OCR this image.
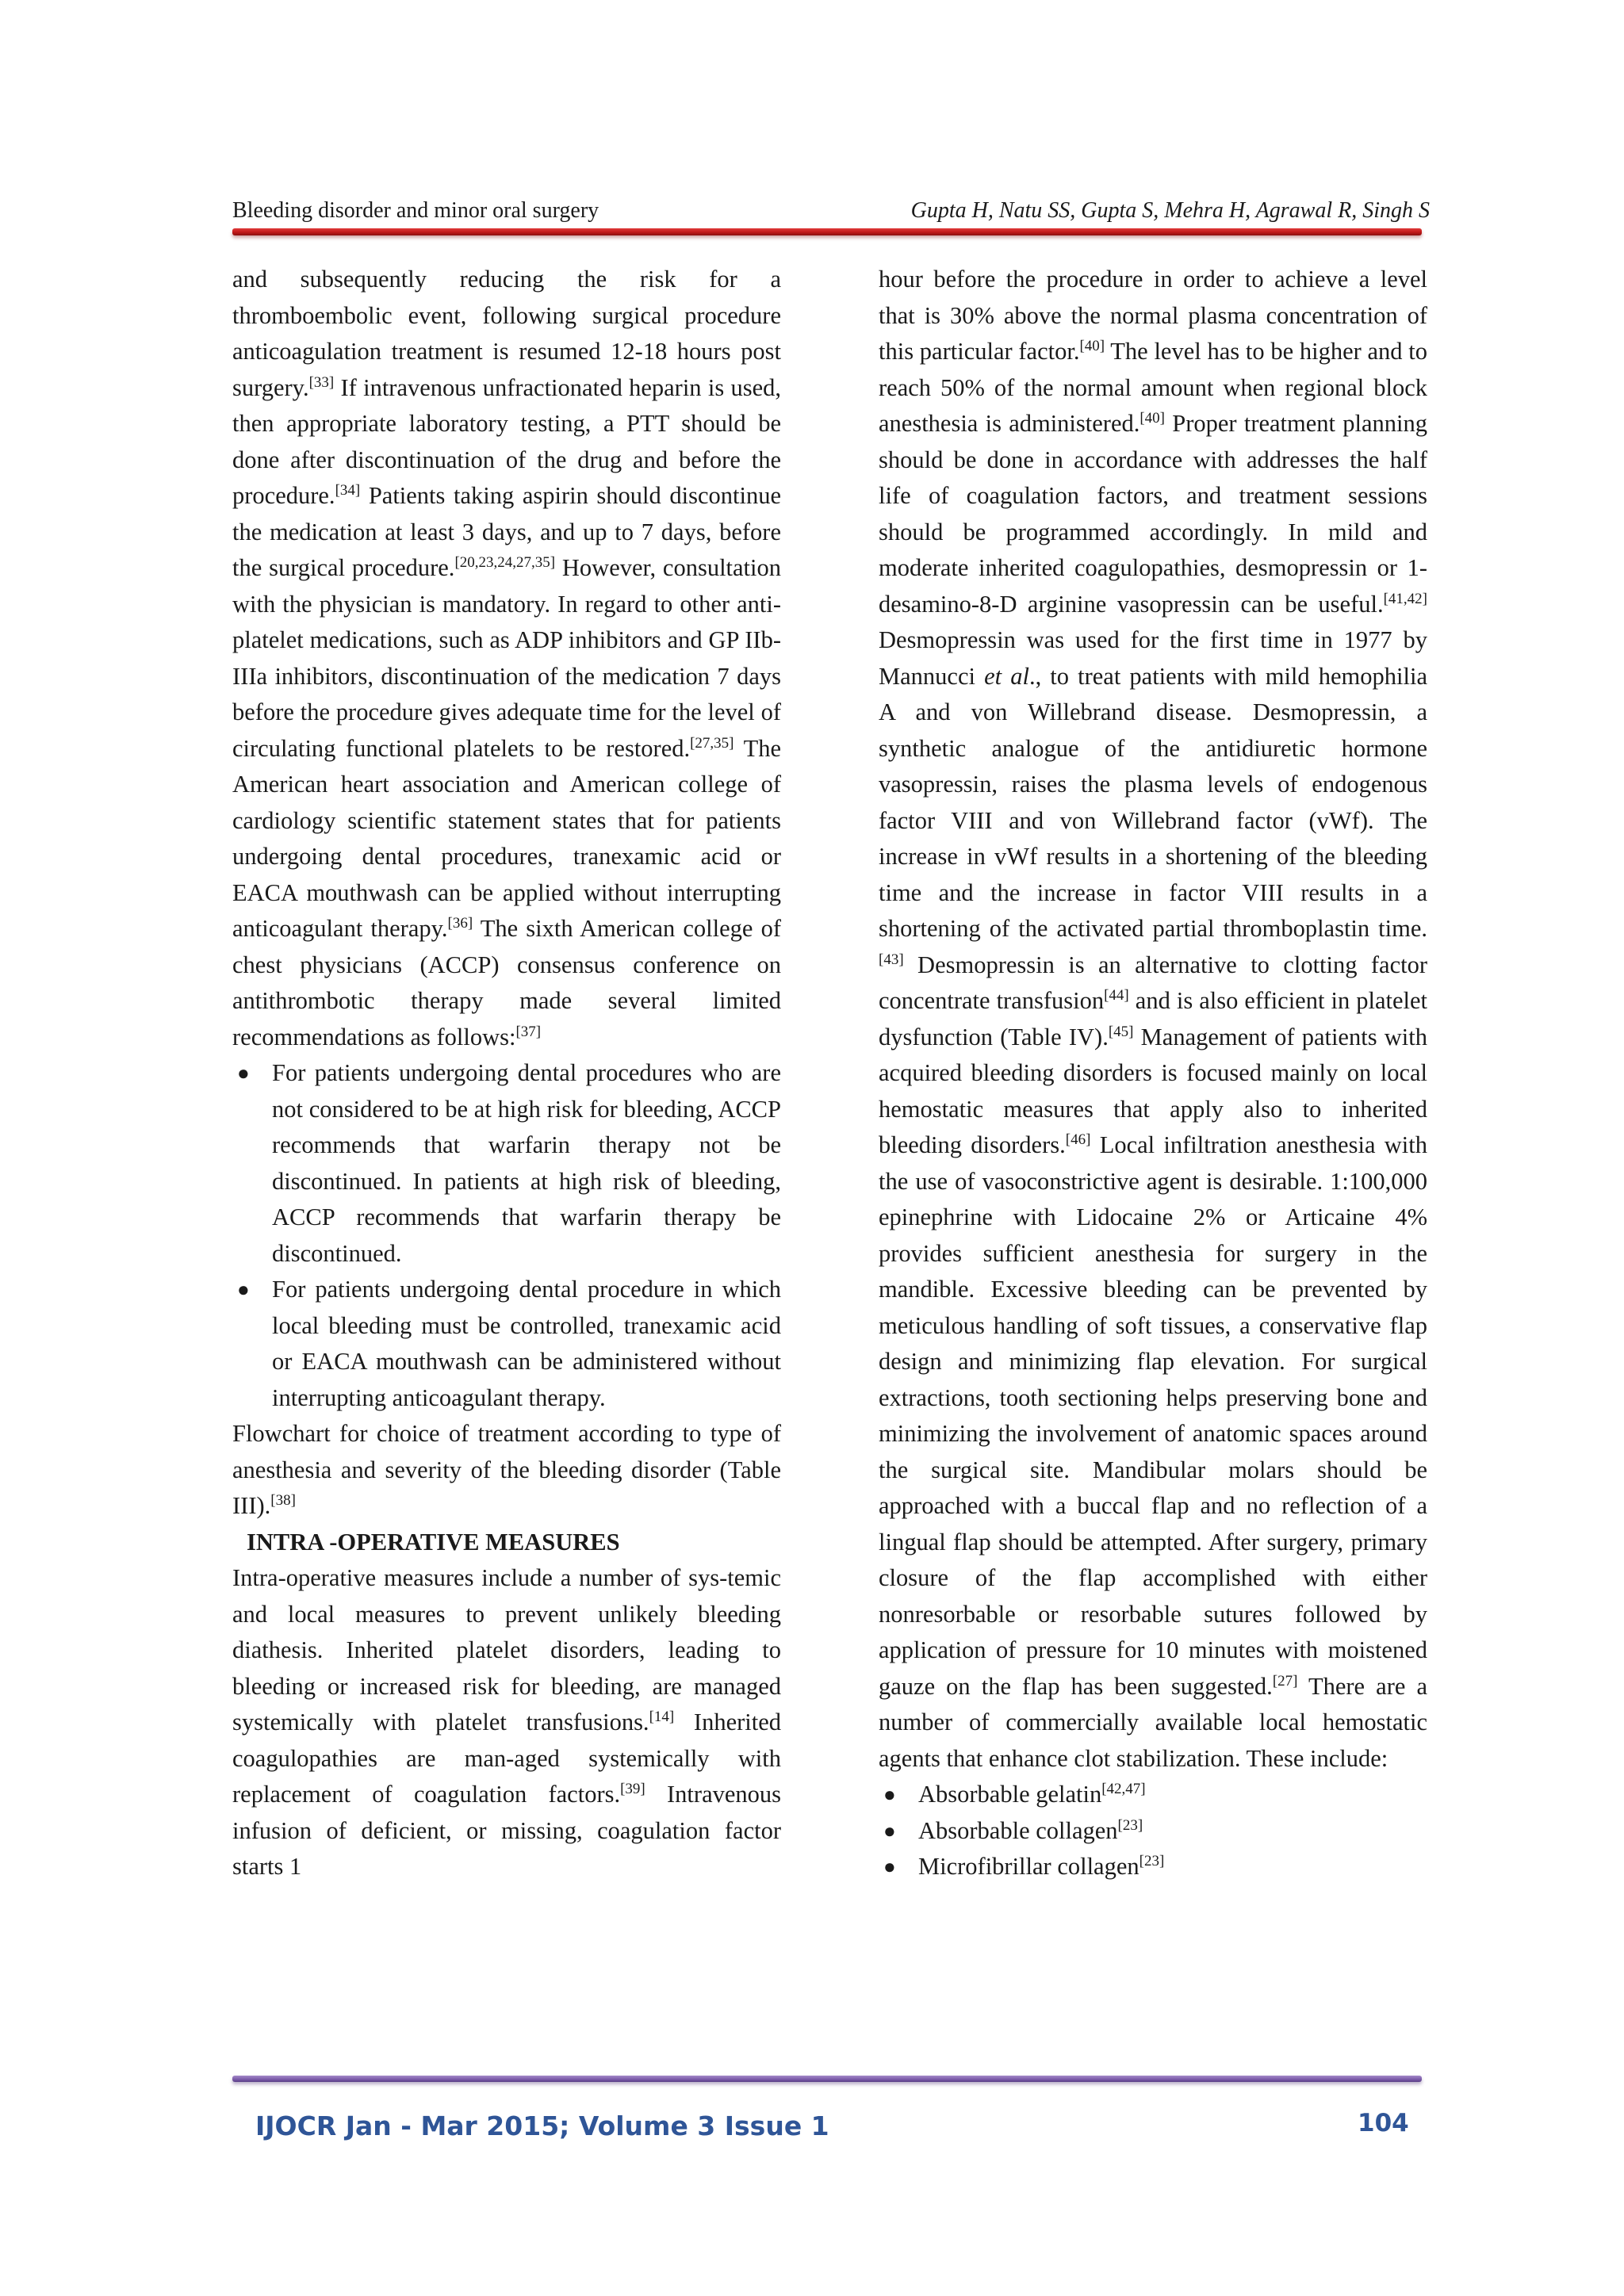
Bleeding disorder and minor oral surgery	Gupta H, Natu SS, Gupta S, Mehra H, Agrawal R, Singh S

and subsequently reducing the risk for a thromboembolic event, following surgical procedure anticoagulation treatment is resumed 12-18 hours post surgery.[33] If intravenous unfractionated heparin is used, then appropriate laboratory testing, a PTT should be done after discontinuation of the drug and before the procedure.[34] Patients taking aspirin should discontinue the medication at least 3 days, and up to 7 days, before the surgical procedure.[20,23,24,27,35] However, consultation with the physician is mandatory. In regard to other anti-platelet medications, such as ADP inhibitors and GP IIb-IIIa inhibitors, discontinuation of the medication 7 days before the procedure gives adequate time for the level of circulating functional platelets to be restored.[27,35] The American heart association and American college of cardiology scientific statement states that for patients undergoing dental procedures, tranexamic acid or EACA mouthwash can be applied without interrupting anticoagulant therapy.[36] The sixth American college of chest physicians (ACCP) consensus conference on antithrombotic therapy made several limited recommendations as follows:[37]

● For patients undergoing dental procedures who are not considered to be at high risk for bleeding, ACCP recommends that warfarin therapy not be discontinued. In patients at high risk of bleeding, ACCP recommends that warfarin therapy be discontinued.
● For patients undergoing dental procedure in which local bleeding must be controlled, tranexamic acid or EACA mouthwash can be administered without interrupting anticoagulant therapy.

Flowchart for choice of treatment according to type of anesthesia and severity of the bleeding disorder (Table III).[38]

INTRA -OPERATIVE MEASURES

Intra-operative measures include a number of sys-temic and local measures to prevent unlikely bleeding diathesis. Inherited platelet disorders, leading to bleeding or increased risk for bleeding, are managed systemically with platelet transfusions.[14] Inherited coagulopathies are man-aged systemically with replacement of coagulation factors.[39] Intravenous infusion of deficient, or missing, coagulation factor starts 1

hour before the procedure in order to achieve a level that is 30% above the normal plasma concentration of this particular factor.[40] The level has to be higher and to reach 50% of the normal amount when regional block anesthesia is administered.[40] Proper treatment planning should be done in accordance with addresses the half life of coagulation factors, and treatment sessions should be programmed accordingly. In mild and moderate inherited coagulopathies, desmopressin or 1-desamino-8-D arginine vasopressin can be useful.[41,42] Desmopressin was used for the first time in 1977 by Mannucci et al., to treat patients with mild hemophilia A and von Willebrand disease. Desmopressin, a synthetic analogue of the antidiuretic hormone vasopressin, raises the plasma levels of endogenous factor VIII and von Willebrand factor (vWf). The increase in vWf results in a shortening of the bleeding time and the increase in factor VIII results in a shortening of the activated partial thromboplastin time.[43] Desmopressin is an alternative to clotting factor concentrate transfusion[44] and is also efficient in platelet dysfunction (Table IV).[45] Management of patients with acquired bleeding disorders is focused mainly on local hemostatic measures that apply also to inherited bleeding disorders.[46] Local infiltration anesthesia with the use of vasoconstrictive agent is desirable. 1:100,000 epinephrine with Lidocaine 2% or Articaine 4% provides sufficient anesthesia for surgery in the mandible. Excessive bleeding can be prevented by meticulous handling of soft tissues, a conservative flap design and minimizing flap elevation. For surgical extractions, tooth sectioning helps preserving bone and minimizing the involvement of anatomic spaces around the surgical site. Mandibular molars should be approached with a buccal flap and no reflection of a lingual flap should be attempted. After surgery, primary closure of the flap accomplished with either nonresorbable or resorbable sutures followed by application of pressure for 10 minutes with moistened gauze on the flap has been suggested.[27] There are a number of commercially available local hemostatic agents that enhance clot stabilization. These include:

● Absorbable gelatin[42,47]
● Absorbable collagen[23]
● Microfibrillar collagen[23]
IJOCR Jan - Mar 2015; Volume 3 Issue 1	104
